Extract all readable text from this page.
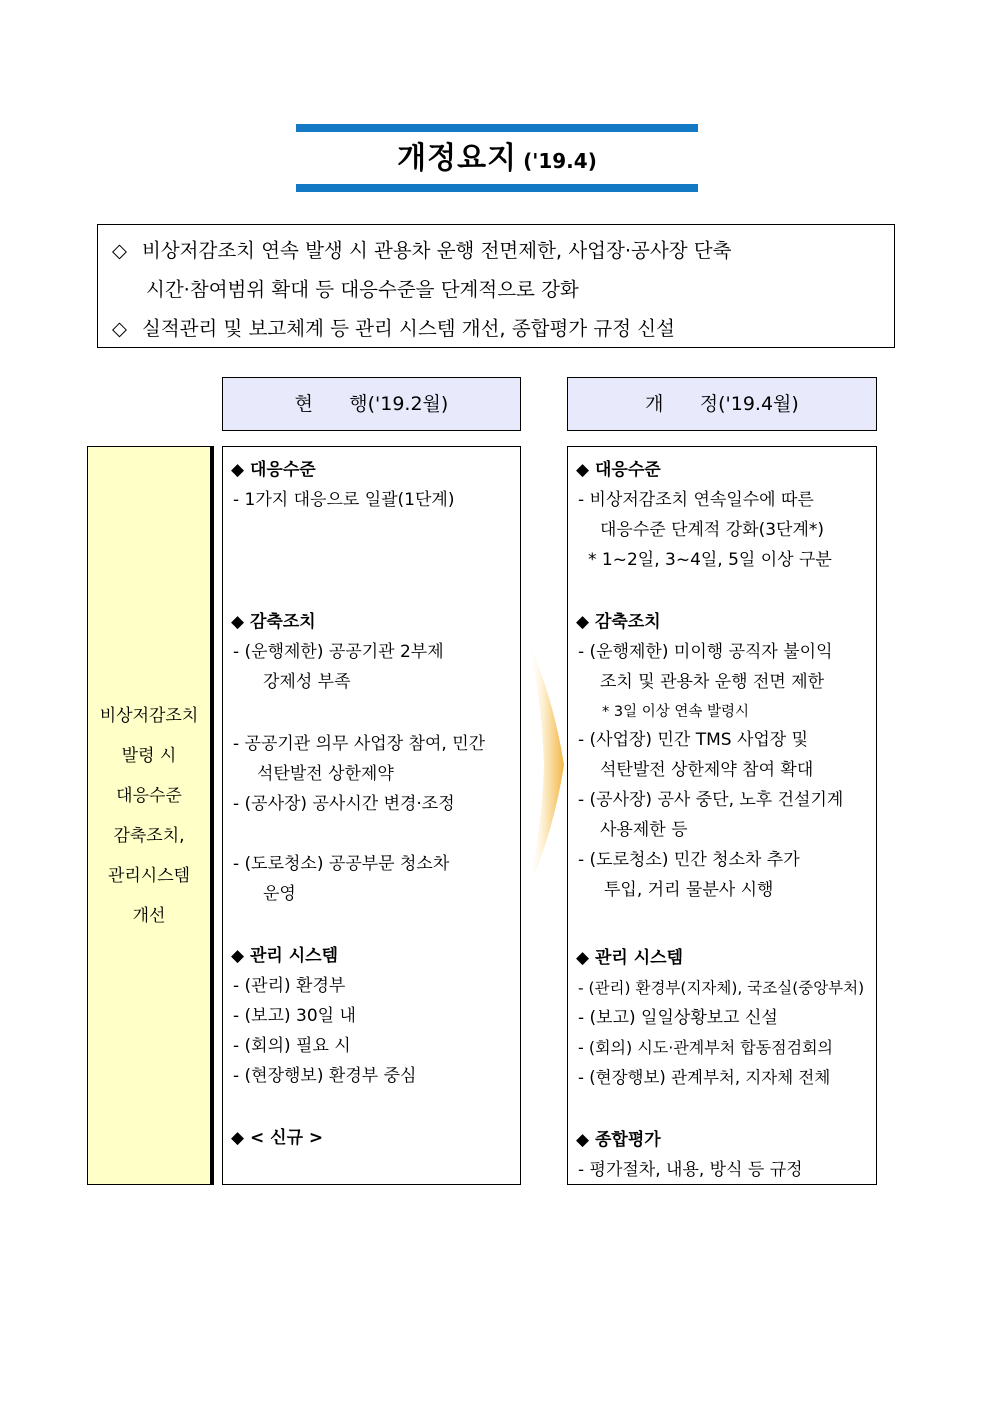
개정요지 ('19.4)
◇ 비상저감조치 연속 발생 시 관용차 운행 전면제한, 사업장·공사장 단축
시간·참여범위 확대 등 대응수준을 단계적으로 강화
◇ 실적관리 및 보고체계 등 관리 시스템 개선, 종합평가 규정 신설
현      행('19.2월)	개      정('19.4월)
비상저감조치
발령 시
대응수준
감축조치,
관리시스템
개선
◆ 대응수준
- 1가지 대응으로 일괄(1단계)
◆ 감축조치
- (운행제한) 공공기관 2부제
강제성 부족
- 공공기관 의무 사업장 참여, 민간
석탄발전 상한제약
- (공사장) 공사시간 변경·조정
- (도로청소) 공공부문 청소차
운영
◆ 관리 시스템
- (관리) 환경부
- (보고) 30일 내
- (회의) 필요 시
- (현장행보) 환경부 중심
◆ < 신규 >
◆ 대응수준
- 비상저감조치 연속일수에 따른
대응수준 단계적 강화(3단계*)
* 1~2일, 3~4일, 5일 이상 구분
◆ 감축조치
- (운행제한) 미이행 공직자 불이익
조치 및 관용차 운행 전면 제한
* 3일 이상 연속 발령시
- (사업장) 민간 TMS 사업장 및
석탄발전 상한제약 참여 확대
- (공사장) 공사 중단, 노후 건설기계
사용제한 등
- (도로청소) 민간 청소차 추가
투입, 거리 물분사 시행
◆ 관리 시스템
- (관리) 환경부(지자체), 국조실(중앙부처)
- (보고) 일일상황보고 신설
- (회의) 시도·관계부처 합동점검회의
- (현장행보) 관계부처, 지자체 전체
◆ 종합평가
- 평가절차, 내용, 방식 등 규정
